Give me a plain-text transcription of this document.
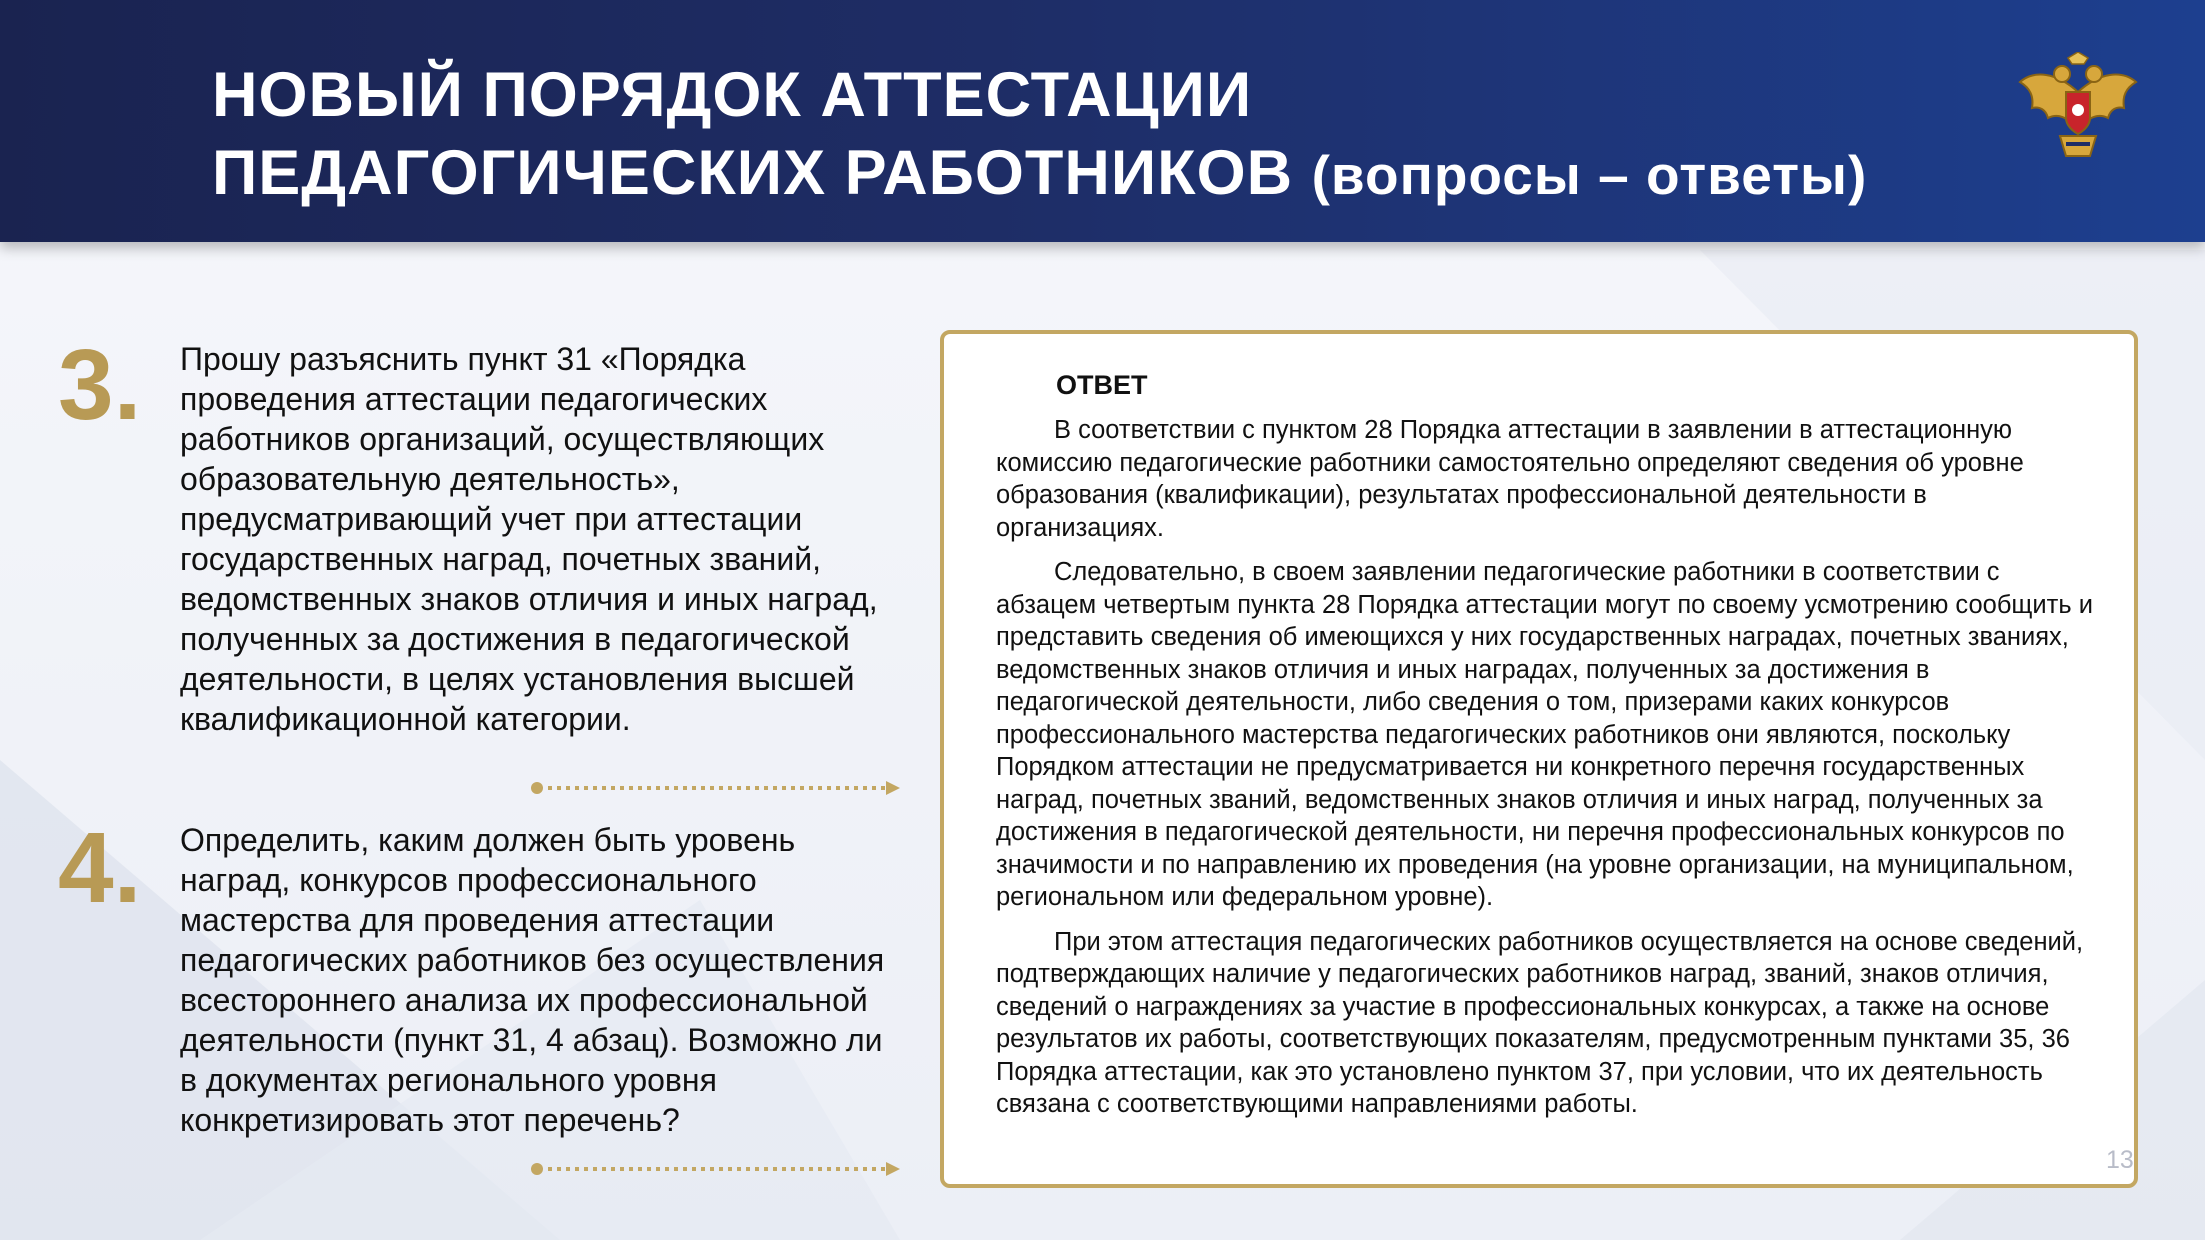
НОВЫЙ ПОРЯДОК АТТЕСТАЦИИ
ПЕДАГОГИЧЕСКИХ РАБОТНИКОВ (вопросы – ответы)
3. Прошу разъяснить пункт 31 «Порядка проведения аттестации педагогических работников организаций, осуществляющих образовательную деятельность», предусматривающий учет при аттестации государственных наград, почетных званий, ведомственных знаков отличия и иных наград, полученных за достижения в педагогической деятельности, в целях установления высшей квалификационной категории.
4. Определить, каким должен быть уровень наград, конкурсов профессионального мастерства для проведения аттестации педагогических работников без осуществления всестороннего анализа их профессиональной деятельности (пункт 31, 4 абзац). Возможно ли в документах регионального уровня конкретизировать этот перечень?
ОТВЕТ

В соответствии с пунктом 28 Порядка аттестации в заявлении в аттестационную комиссию педагогические работники самостоятельно определяют сведения об уровне образования (квалификации), результатах профессиональной деятельности в организациях.

Следовательно, в своем заявлении педагогические работники в соответствии с абзацем четвертым пункта 28 Порядка аттестации могут по своему усмотрению сообщить и представить сведения об имеющихся у них государственных наградах, почетных званиях, ведомственных знаков отличия и иных наградах, полученных за достижения в педагогической деятельности, либо сведения о том, призерами каких конкурсов профессионального мастерства педагогических работников они являются, поскольку Порядком аттестации не предусматривается ни конкретного перечня государственных наград, почетных званий, ведомственных знаков отличия и иных наград, полученных за достижения в педагогической деятельности, ни перечня профессиональных конкурсов по значимости и по направлению их проведения (на уровне организации, на муниципальном, региональном или федеральном уровне).

При этом аттестация педагогических работников осуществляется на основе сведений, подтверждающих наличие у педагогических работников наград, званий, знаков отличия, сведений о награждениях за участие в профессиональных конкурсах, а также на основе результатов их работы, соответствующих показателям, предусмотренным пунктами 35, 36 Порядка аттестации, как это установлено пунктом 37, при условии, что их деятельность связана с соответствующими направлениями работы.

13
